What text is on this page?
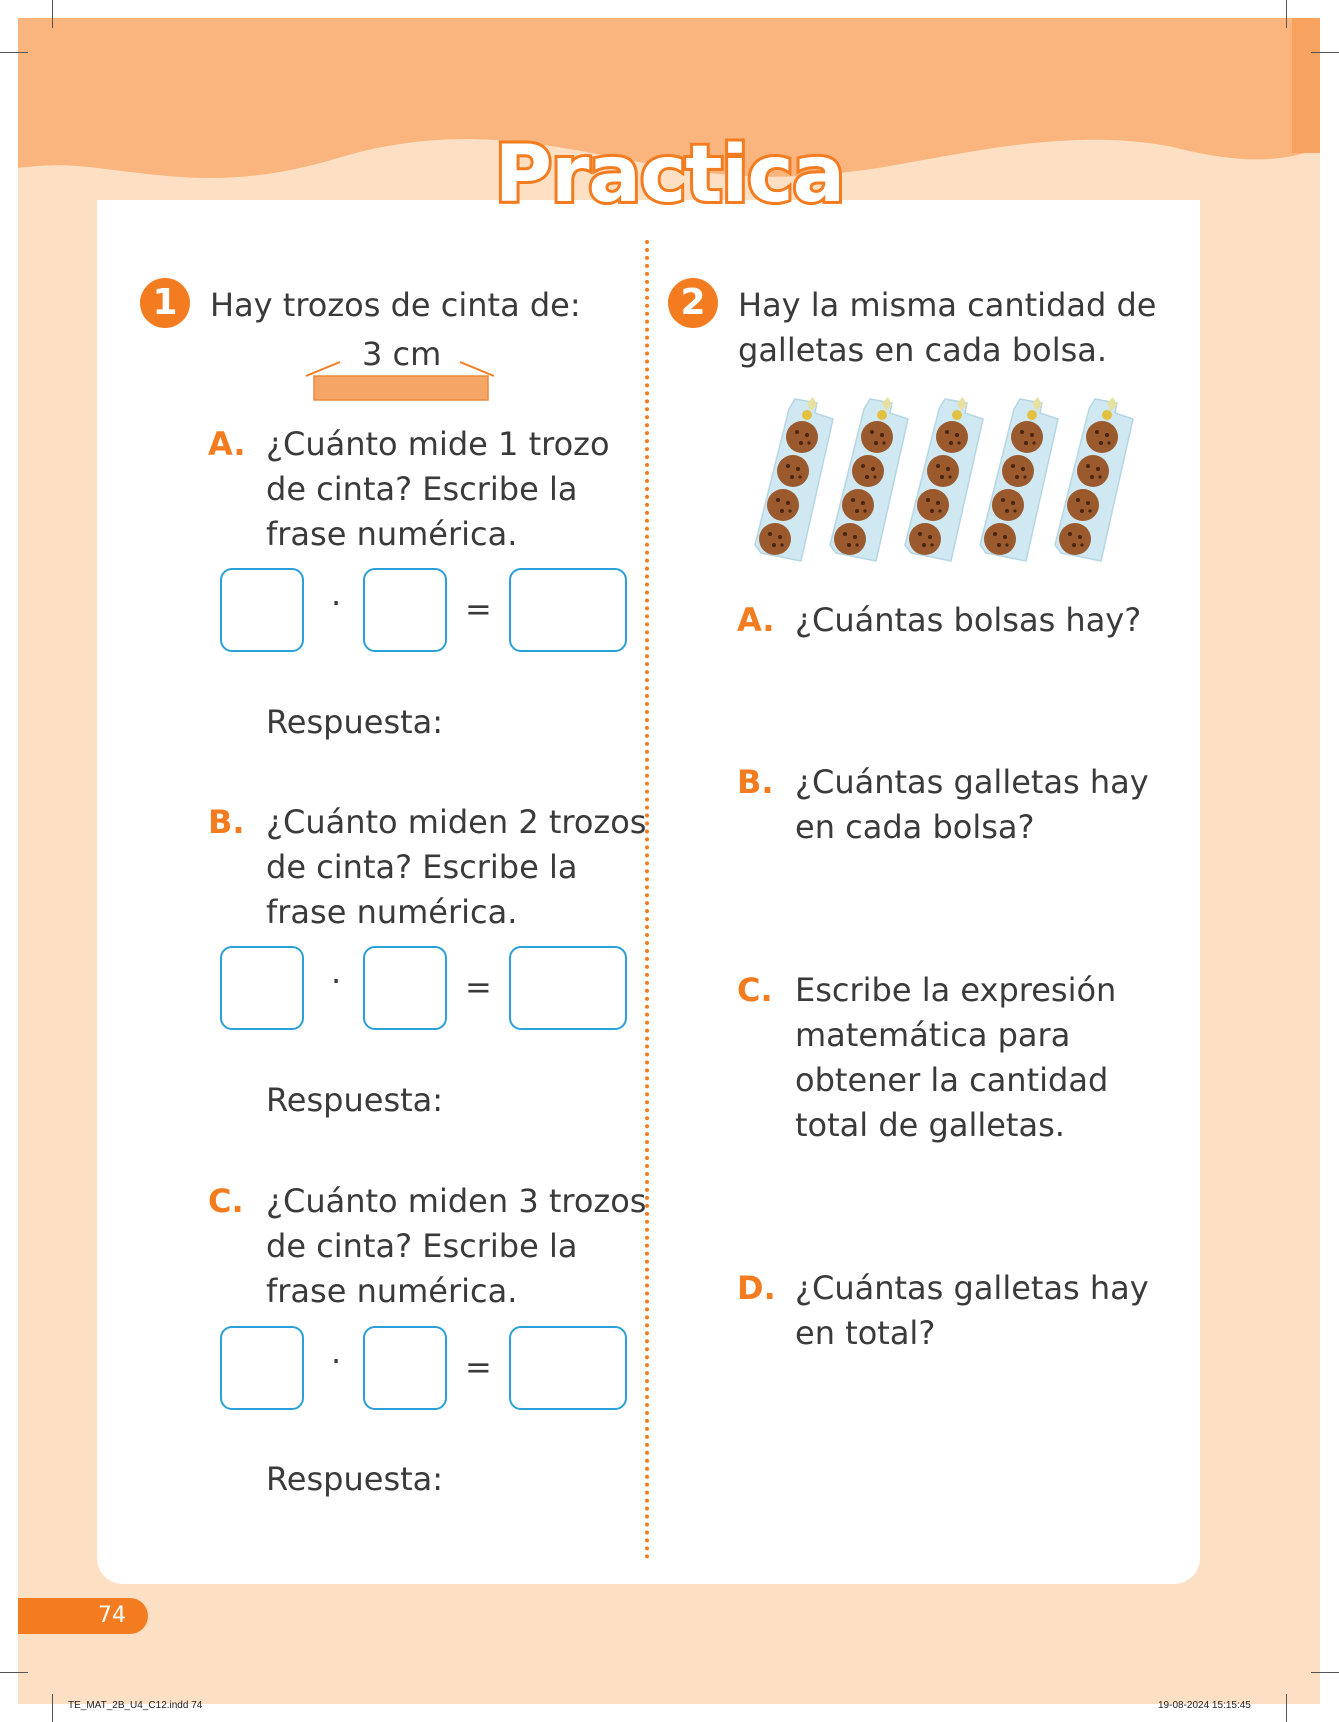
Practica
1	Hay trozos de cinta de:
3 cm
A. ¿Cuánto mide 1 trozo
de cinta? Escribe la
frase numérica.
·	=
Respuesta:
B. ¿Cuánto miden 2 trozos
de cinta? Escribe la
frase numérica.
·	=
Respuesta:
C. ¿Cuánto miden 3 trozos
de cinta? Escribe la
frase numérica.
·	=
Respuesta:
2	Hay la misma cantidad de
galletas en cada bolsa.
A. ¿Cuántas bolsas hay?
B. ¿Cuántas galletas hay
en cada bolsa?
C. Escribe la expresión
matemática para
obtener la cantidad
total de galletas.
D. ¿Cuántas galletas hay
en total?
74
TE_MAT_2B_U4_C12.indd 74	19-08-2024 15:15:45
